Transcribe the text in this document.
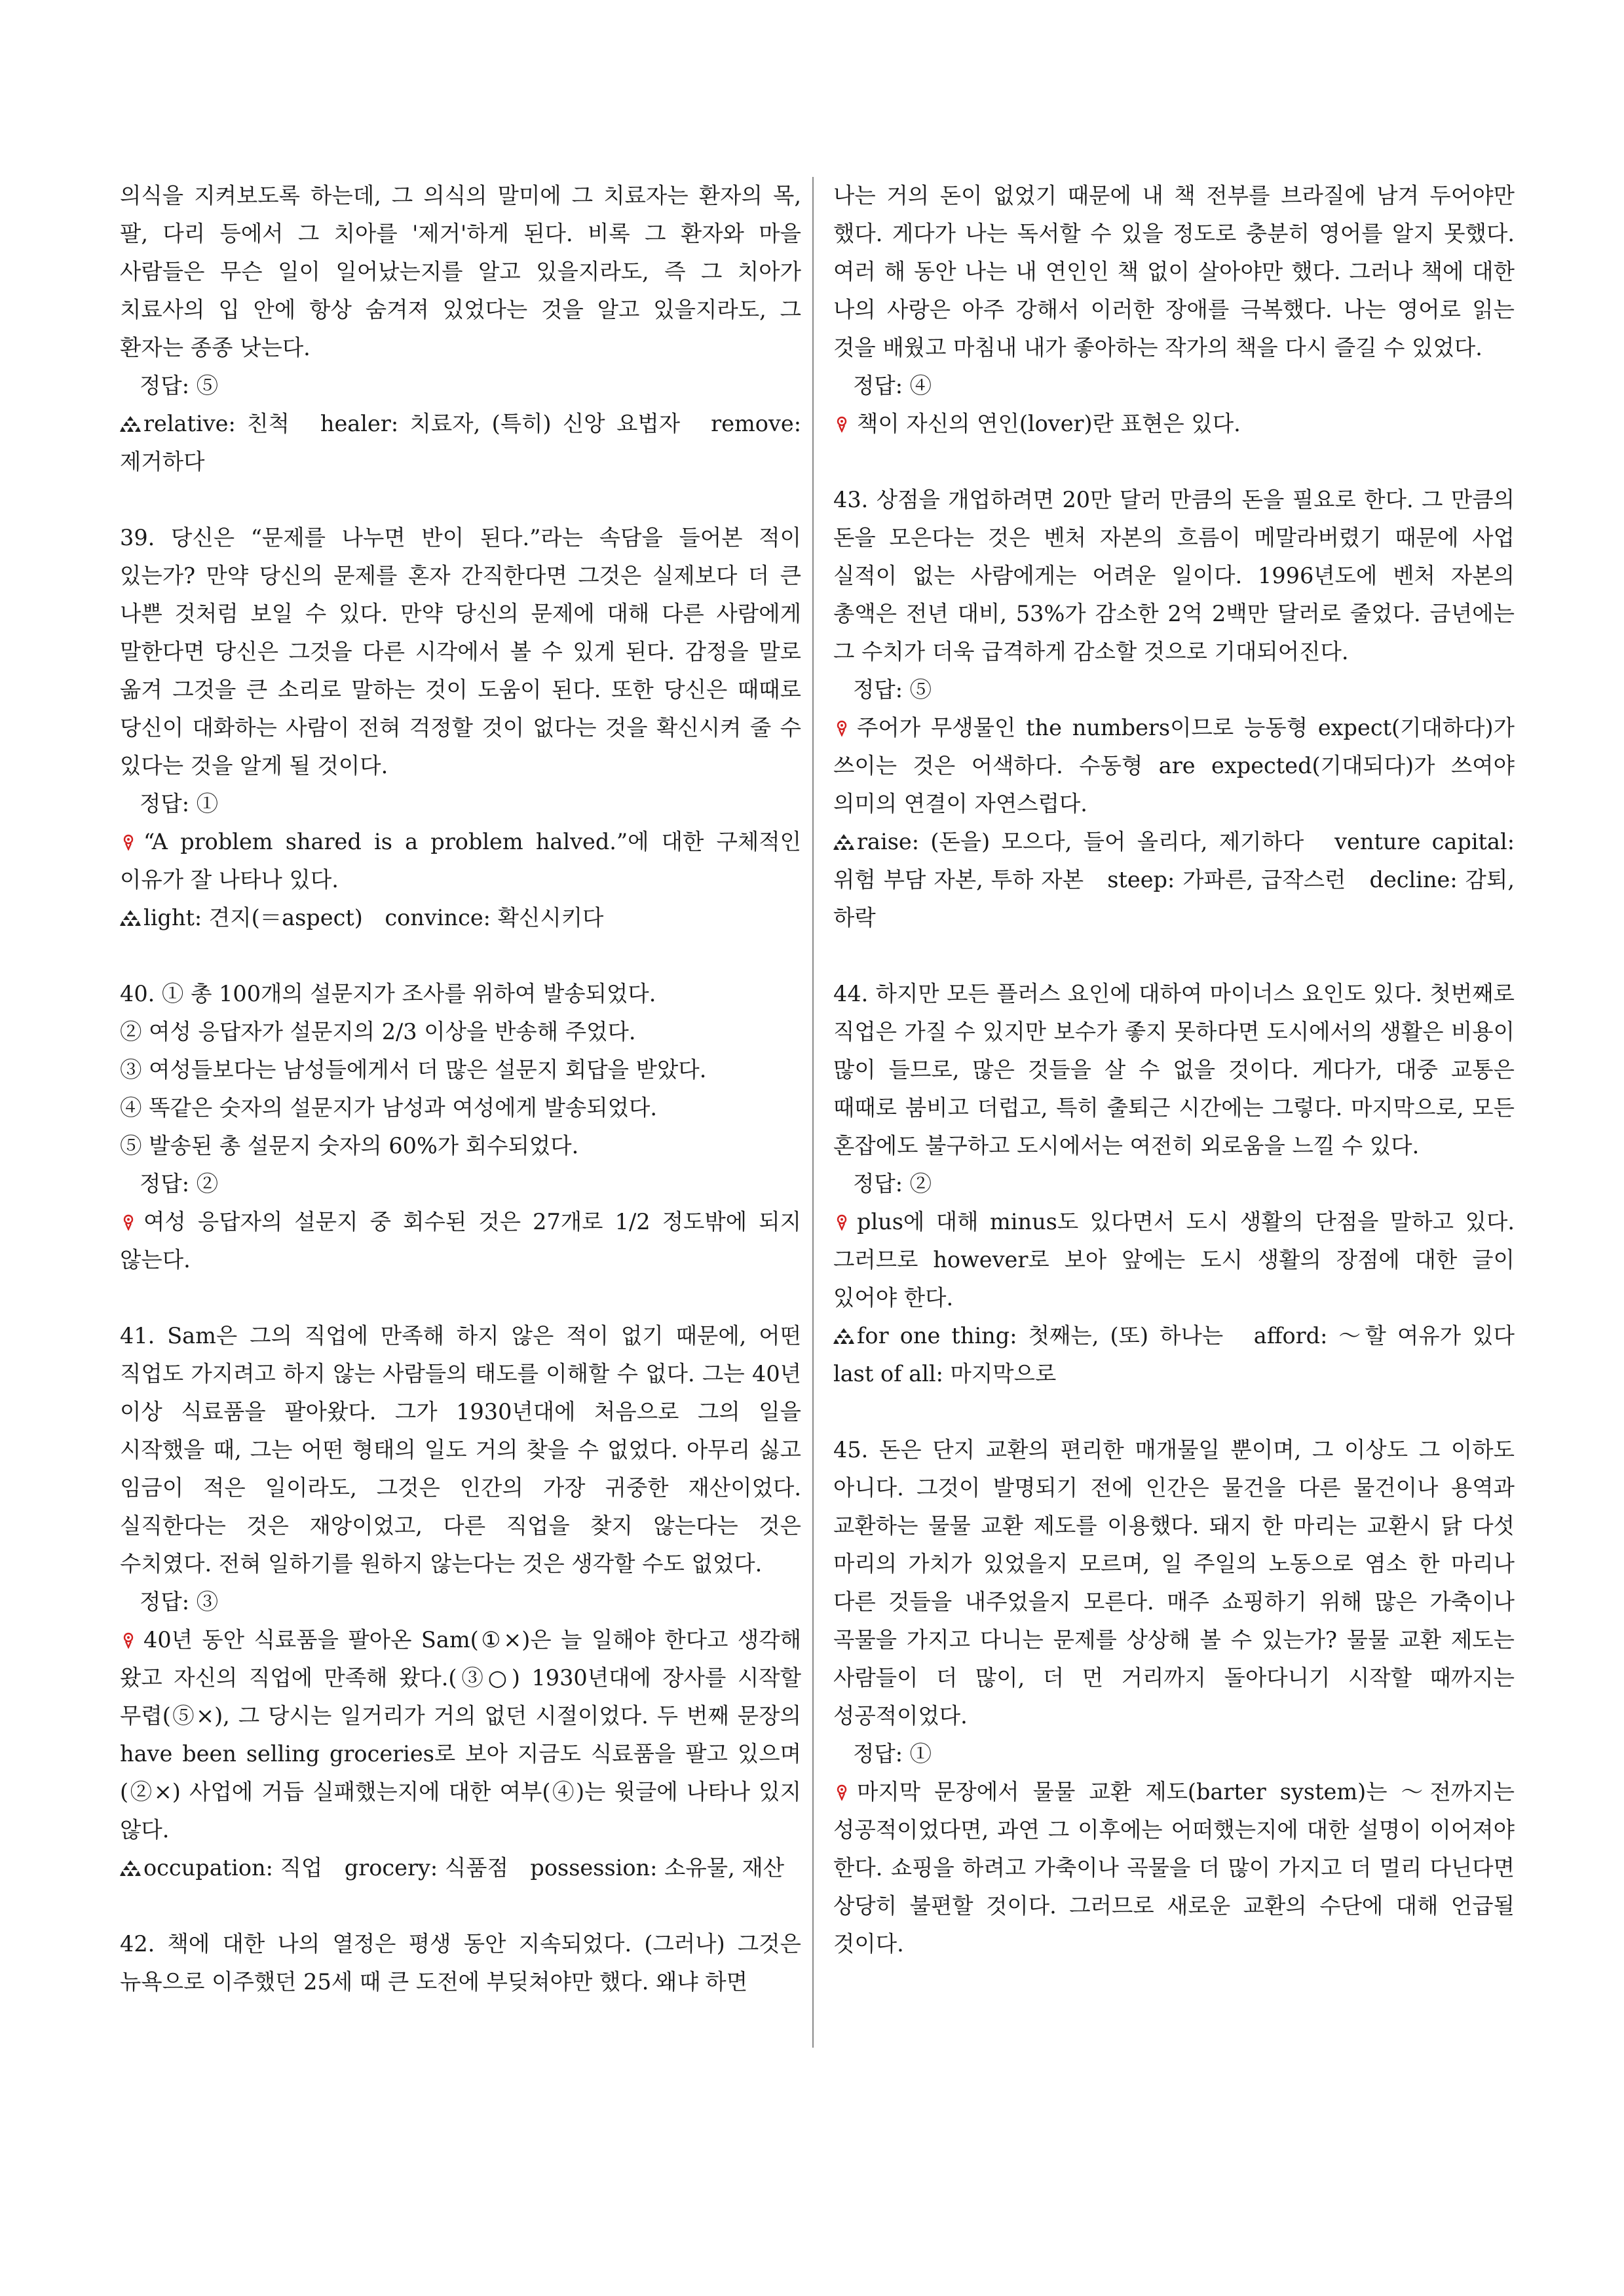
의식을 지켜보도록 하는데, 그 의식의 말미에 그 치료자는 환자의 목, 팔, 다리 등에서 그 치아를 '제거'하게 된다. 비록 그 환자와 마을 사람들은 무슨 일이 일어났는지를 알고 있을지라도, 즉 그 치아가 치료사의 입 안에 항상 숨겨져 있었다는 것을 알고 있을지라도, 그 환자는 종종 낫는다.

정답: ⑤

relative: 친척　healer: 치료자, (특히) 신앙 요법자　remove: 제거하다

39. 당신은 “문제를 나누면 반이 된다.”라는 속담을 들어본 적이 있는가? 만약 당신의 문제를 혼자 간직한다면 그것은 실제보다 더 큰 나쁜 것처럼 보일 수 있다. 만약 당신의 문제에 대해 다른 사람에게 말한다면 당신은 그것을 다른 시각에서 볼 수 있게 된다. 감정을 말로 옮겨 그것을 큰 소리로 말하는 것이 도움이 된다. 또한 당신은 때때로 당신이 대화하는 사람이 전혀 걱정할 것이 없다는 것을 확신시켜 줄 수 있다는 것을 알게 될 것이다.

정답: ①

“A problem shared is a problem halved.”에 대한 구체적인 이유가 잘 나타나 있다.

light: 견지(＝aspect)　convince: 확신시키다

40. ① 총 100개의 설문지가 조사를 위하여 발송되었다.
② 여성 응답자가 설문지의 2/3 이상을 반송해 주었다.
③ 여성들보다는 남성들에게서 더 많은 설문지 회답을 받았다.
④ 똑같은 숫자의 설문지가 남성과 여성에게 발송되었다.
⑤ 발송된 총 설문지 숫자의 60%가 회수되었다.

정답: ②

여성 응답자의 설문지 중 회수된 것은 27개로 1/2 정도밖에 되지 않는다.

41. Sam은 그의 직업에 만족해 하지 않은 적이 없기 때문에, 어떤 직업도 가지려고 하지 않는 사람들의 태도를 이해할 수 없다. 그는 40년 이상 식료품을 팔아왔다. 그가 1930년대에 처음으로 그의 일을 시작했을 때, 그는 어떤 형태의 일도 거의 찾을 수 없었다. 아무리 싫고 임금이 적은 일이라도, 그것은 인간의 가장 귀중한 재산이었다. 실직한다는 것은 재앙이었고, 다른 직업을 찾지 않는다는 것은 수치였다. 전혀 일하기를 원하지 않는다는 것은 생각할 수도 없었다.

정답: ③

40년 동안 식료품을 팔아온 Sam(①×)은 늘 일해야 한다고 생각해 왔고 자신의 직업에 만족해 왔다.(③○) 1930년대에 장사를 시작할 무렵(⑤×), 그 당시는 일거리가 거의 없던 시절이었다. 두 번째 문장의 have been selling groceries로 보아 지금도 식료품을 팔고 있으며(②×) 사업에 거듭 실패했는지에 대한 여부(④)는 윗글에 나타나 있지 않다.

occupation: 직업　grocery: 식품점　possession: 소유물, 재산

42. 책에 대한 나의 열정은 평생 동안 지속되었다. (그러나) 그것은 뉴욕으로 이주했던 25세 때 큰 도전에 부딪쳐야만 했다. 왜냐 하면

나는 거의 돈이 없었기 때문에 내 책 전부를 브라질에 남겨 두어야만 했다. 게다가 나는 독서할 수 있을 정도로 충분히 영어를 알지 못했다. 여러 해 동안 나는 내 연인인 책 없이 살아야만 했다. 그러나 책에 대한 나의 사랑은 아주 강해서 이러한 장애를 극복했다. 나는 영어로 읽는 것을 배웠고 마침내 내가 좋아하는 작가의 책을 다시 즐길 수 있었다.

정답: ④

책이 자신의 연인(lover)란 표현은 있다.

43. 상점을 개업하려면 20만 달러 만큼의 돈을 필요로 한다. 그 만큼의 돈을 모은다는 것은 벤처 자본의 흐름이 메말라버렸기 때문에 사업 실적이 없는 사람에게는 어려운 일이다. 1996년도에 벤처 자본의 총액은 전년 대비, 53%가 감소한 2억 2백만 달러로 줄었다. 금년에는 그 수치가 더욱 급격하게 감소할 것으로 기대되어진다.

정답: ⑤

주어가 무생물인 the numbers이므로 능동형 expect(기대하다)가 쓰이는 것은 어색하다. 수동형 are expected(기대되다)가 쓰여야 의미의 연결이 자연스럽다.

raise: (돈을) 모으다, 들어 올리다, 제기하다　venture capital: 위험 부담 자본, 투하 자본　steep: 가파른, 급작스런　decline: 감퇴, 하락

44. 하지만 모든 플러스 요인에 대하여 마이너스 요인도 있다. 첫번째로 직업은 가질 수 있지만 보수가 좋지 못하다면 도시에서의 생활은 비용이 많이 들므로, 많은 것들을 살 수 없을 것이다. 게다가, 대중 교통은 때때로 붐비고 더럽고, 특히 출퇴근 시간에는 그렇다. 마지막으로, 모든 혼잡에도 불구하고 도시에서는 여전히 외로움을 느낄 수 있다.

정답: ②

plus에 대해 minus도 있다면서 도시 생활의 단점을 말하고 있다. 그러므로 however로 보아 앞에는 도시 생활의 장점에 대한 글이 있어야 한다.

for one thing: 첫째는, (또) 하나는　afford: ～할 여유가 있다　last of all: 마지막으로

45. 돈은 단지 교환의 편리한 매개물일 뿐이며, 그 이상도 그 이하도 아니다. 그것이 발명되기 전에 인간은 물건을 다른 물건이나 용역과 교환하는 물물 교환 제도를 이용했다. 돼지 한 마리는 교환시 닭 다섯 마리의 가치가 있었을지 모르며, 일 주일의 노동으로 염소 한 마리나 다른 것들을 내주었을지 모른다. 매주 쇼핑하기 위해 많은 가축이나 곡물을 가지고 다니는 문제를 상상해 볼 수 있는가? 물물 교환 제도는 사람들이 더 많이, 더 먼 거리까지 돌아다니기 시작할 때까지는 성공적이었다.

정답: ①

마지막 문장에서 물물 교환 제도(barter system)는 ～전까지는 성공적이었다면, 과연 그 이후에는 어떠했는지에 대한 설명이 이어져야 한다. 쇼핑을 하려고 가축이나 곡물을 더 많이 가지고 더 멀리 다닌다면 상당히 불편할 것이다. 그러므로 새로운 교환의 수단에 대해 언급될 것이다.
